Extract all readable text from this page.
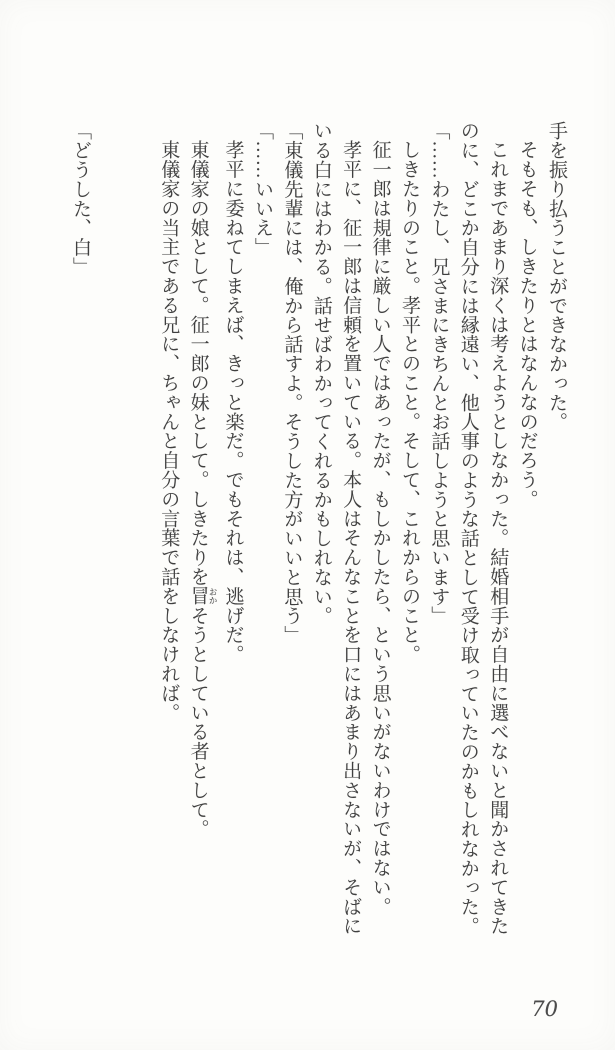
手を振り払うことができなかった。

そもそも、しきたりとはなんなのだろう。

これまであまり深くは考えようとしなかった。結婚相手が自由に選べないと聞かされてきた

のに、どこか自分には縁遠い、他人事のような話として受け取っていたのかもしれなかった。

「……わたし、兄さまにきちんとお話しようと思います」

しきたりのこと。孝平とのこと。そして、これからのこと。

征一郎は規律に厳しい人ではあったが、もしかしたら、という思いがないわけではない。

孝平に、征一郎は信頼を置いている。本人はそんなことを口にはあまり出さないが、そばに

いる白にはわかる。話せばわかってくれるかもしれない。

「東儀先輩には、俺から話すよ。そうした方がいいと思う」

「……いいえ」

孝平に委ねてしまえば、きっと楽だ。でもそれは、逃げだ。

東儀家の娘として。征一郎の妹として。しきたりを冒 おかそうとしている者として。

東儀家の当主である兄に、ちゃんと自分の言葉で話をしなければ。

「どうした、白」

70
